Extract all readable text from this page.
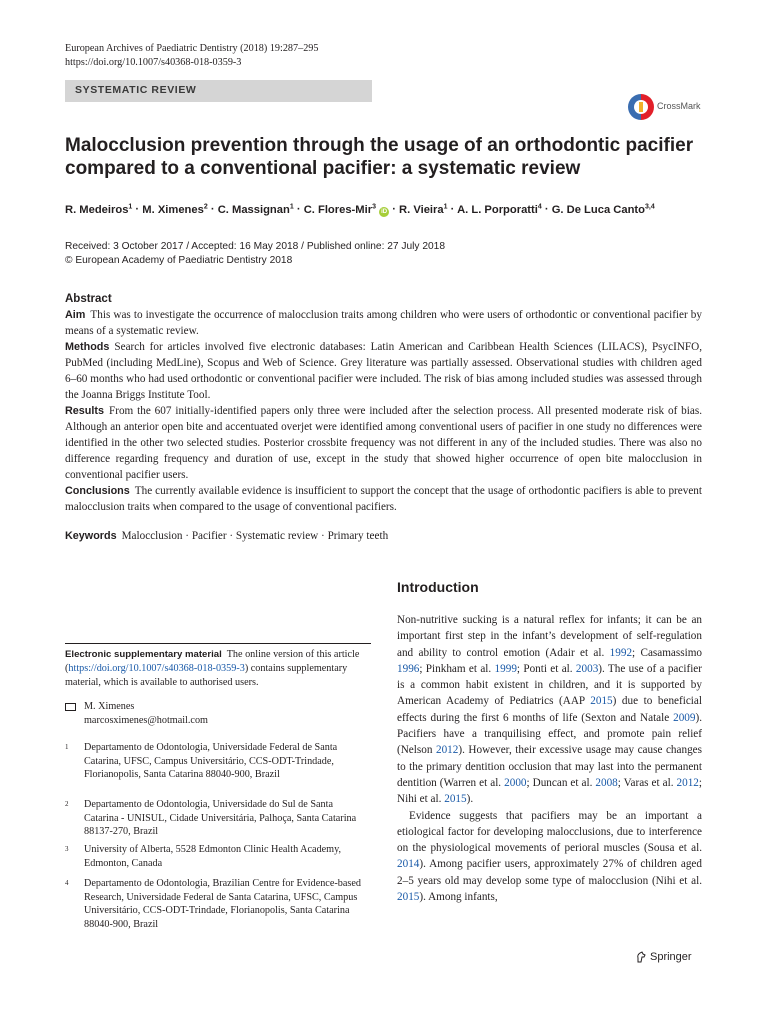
European Archives of Paediatric Dentistry (2018) 19:287–295
https://doi.org/10.1007/s40368-018-0359-3
SYSTEMATIC REVIEW
CrossMark
Malocclusion prevention through the usage of an orthodontic pacifier compared to a conventional pacifier: a systematic review
R. Medeiros$^1$ · M. Ximenes$^2$ · C. Massignan$^1$ · C. Flores-Mir$^3$ iD · R. Vieira$^1$ · A. L. Porporatti$^4$ · G. De Luca Canto$^{3,4}$
Received: 3 October 2017 / Accepted: 16 May 2018 / Published online: 27 July 2018
© European Academy of Paediatric Dentistry 2018
Abstract

Aim This was to investigate the occurrence of malocclusion traits among children who were users of orthodontic or conventional pacifier by means of a systematic review.

Methods Search for articles involved five electronic databases: Latin American and Caribbean Health Sciences (LILACS), PsycINFO, PubMed (including MedLine), Scopus and Web of Science. Grey literature was partially assessed. Observational studies with children aged 6–60 months who had used orthodontic or conventional pacifier were included. The risk of bias among included studies was assessed through the Joanna Briggs Institute Tool.

Results From the 607 initially-identified papers only three were included after the selection process. All presented moderate risk of bias. Although an anterior open bite and accentuated overjet were identified among conventional users of pacifier in one study no differences were identified in the other two selected studies. Posterior crossbite frequency was not different in any of the included studies. There was also no difference regarding frequency and duration of use, except in the study that showed higher occurrence of open bite malocclusion in conventional pacifier users.

Conclusions The currently available evidence is insufficient to support the concept that the usage of orthodontic pacifiers is able to prevent malocclusion traits when compared to the usage of conventional pacifiers.

Keywords Malocclusion · Pacifier · Systematic review · Primary teeth

Electronic supplementary material The online version of this article (https://doi.org/10.1007/s40368-018-0359-3) contains supplementary material, which is available to authorised users.
M. Ximenes
marcosximenes@hotmail.com
1 Departamento de Odontologia, Universidade Federal de Santa Catarina, UFSC, Campus Universitário, CCS-ODT-Trindade, Florianopolis, Santa Catarina 88040-900, Brazil
2 Departamento de Odontologia, Universidade do Sul de Santa Catarina - UNISUL, Cidade Universitária, Palhoça, Santa Catarina 88137-270, Brazil
3 University of Alberta, 5528 Edmonton Clinic Health Academy, Edmonton, Canada
4 Departamento de Odontologia, Brazilian Centre for Evidence-based Research, Universidade Federal de Santa Catarina, UFSC, Campus Universitário, CCS-ODT-Trindade, Florianopolis, Santa Catarina 88040-900, Brazil
Introduction

Non-nutritive sucking is a natural reflex for infants; it can be an important first step in the infant’s development of self-regulation and ability to control emotion (Adair et al. 1992; Casamassimo 1996; Pinkham et al. 1999; Ponti et al. 2003). The use of a pacifier is a common habit existent in children, and it is supported by American Academy of Pediatrics (AAP 2015) due to beneficial effects during the first 6 months of life (Sexton and Natale 2009). Pacifiers have a tranquilising effect, and promote pain relief (Nelson 2012). However, their excessive usage may cause changes to the primary dentition occlusion that may last into the permanent dentition (Warren et al. 2000; Duncan et al. 2008; Varas et al. 2012; Nihi et al. 2015).

Evidence suggests that pacifiers may be an important a etiological factor for developing malocclusions, due to interference on the physiological movements of perioral muscles (Sousa et al. 2014). Among pacifier users, approximately 27% of children aged 2–5 years old may develop some type of malocclusion (Nihi et al. 2015). Among infants,

Springer
